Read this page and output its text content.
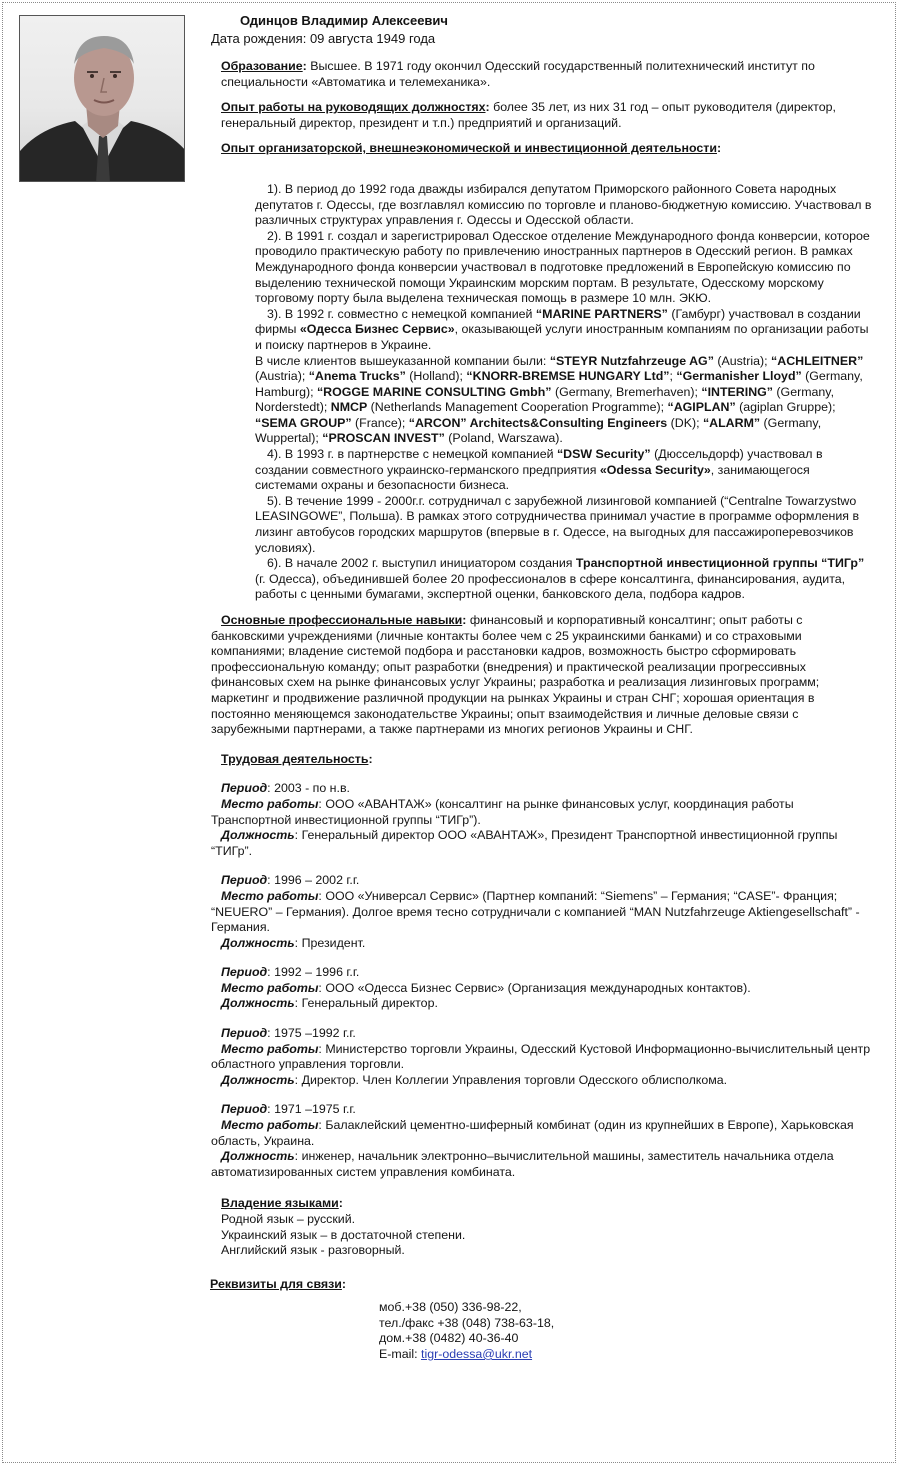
Одинцов Владимир Алексеевич

Дата рождения: 09 августа 1949 года

Образование: Высшее. В 1971 году окончил Одесский государственный политехнический институт по специальности «Автоматика и телемеханика».

Опыт работы на руководящих должностях: более 35 лет, из них 31 год – опыт руководителя (директор, генеральный директор, президент и т.п.) предприятий и организаций.

Опыт организаторской, внешнеэкономической и инвестиционной деятельности:

1). В период до 1992 года дважды избирался депутатом Приморского районного Совета народных депутатов г. Одессы, где возглавлял комиссию по торговле и планово-бюджетную комиссию. Участвовал в различных структурах управления г. Одессы и Одесской области.

2). В 1991 г. создал и зарегистрировал Одесское отделение Международного фонда конверсии, которое проводило практическую работу по привлечению иностранных партнеров в Одесский регион. В рамках Международного фонда конверсии участвовал в подготовке предложений в Европейскую комиссию по выделению технической помощи Украинским морским портам. В результате, Одесскому морскому торговому порту была выделена техническая помощь в размере 10 млн. ЭКЮ.

3). В 1992 г. совместно с немецкой компанией “MARINE PARTNERS” (Гамбург) участвовал в создании фирмы «Одесса Бизнес Сервис», оказывающей услуги иностранным компаниям по организации работы и поиску партнеров в Украине.

В числе клиентов вышеуказанной компании были: “STEYR Nutzfahrzeuge AG” (Austria); “ACHLEITNER” (Austria); “Anema Trucks” (Holland); “KNORR-BREMSE HUNGARY Ltd”; “Germanisher Lloyd” (Germany, Hamburg); “ROGGE MARINE CONSULTING Gmbh” (Germany, Bremerhaven); “INTERING” (Germany, Norderstedt); NMCP (Netherlands Management Cooperation Programme); “AGIPLAN” (agiplan Gruppe); “SEMA GROUP” (France); “ARCON” Architects&Consulting Engineers (DK); “ALARM” (Germany, Wuppertal); “PROSCAN INVEST” (Poland, Warszawa).

4). В 1993 г. в партнерстве с немецкой компанией “DSW Security” (Дюссельдорф) участвовал в создании совместного украинско-германского предприятия «Odessa Security», занимающегося системами охраны и безопасности бизнеса.

5). В течение 1999 - 2000г.г. сотрудничал с зарубежной лизинговой компанией (“Centralne Towarzystwo LEASINGOWE”, Польша). В рамках этого сотрудничества принимал участие в программе оформления в лизинг автобусов городских маршрутов (впервые в г. Одессе, на выгодных для пассажироперевозчиков условиях).

6). В начале 2002 г. выступил инициатором создания Транспортной инвестиционной группы “ТИГр” (г. Одесса), объединившей более 20 профессионалов в сфере консалтинга, финансирования, аудита, работы с ценными бумагами, экспертной оценки, банковского дела, подбора кадров.

Основные профессиональные навыки: финансовый и корпоративный консалтинг; опыт работы с банковскими учреждениями (личные контакты более чем с 25 украинскими банками) и со страховыми компаниями; владение системой подбора и расстановки кадров, возможность быстро сформировать профессиональную команду; опыт разработки (внедрения) и практической реализации прогрессивных финансовых схем на рынке финансовых услуг Украины; разработка и реализация лизинговых программ; маркетинг и продвижение различной продукции на рынках Украины и стран СНГ; хорошая ориентация в постоянно меняющемся законодательстве Украины; опыт взаимодействия и личные деловые связи с зарубежными партнерами, а также партнерами из многих регионов Украины и СНГ.

Трудовая деятельность:

Период: 2003 - по н.в.

Место работы: ООО «АВАНТАЖ» (консалтинг на рынке финансовых услуг, координация работы Транспортной инвестиционной группы “ТИГр”).

Должность: Генеральный директор ООО «АВАНТАЖ», Президент Транспортной инвестиционной группы “ТИГр”.

Период: 1996 – 2002 г.г.

Место работы: ООО «Универсал Сервис» (Партнер компаний: “Siemens” – Германия; “CASE”- Франция; “NEUERO” – Германия). Долгое время тесно сотрудничали с компанией “MAN Nutzfahrzeuge Aktiengesellschaft” - Германия.

Должность: Президент.

Период: 1992 – 1996 г.г.

Место работы: ООО «Одесса Бизнес Сервис» (Организация международных контактов).

Должность: Генеральный директор.

Период: 1975 –1992 г.г.

Место работы: Министерство торговли Украины, Одесский Кустовой Информационно-вычислительный центр областного управления торговли.

Должность: Директор. Член Коллегии Управления торговли Одесского облисполкома.

Период: 1971 –1975 г.г.

Место работы: Балаклейский цементно-шиферный комбинат (один из крупнейших в Европе), Харьковская область, Украина.

Должность: инженер, начальник электронно–вычислительной машины, заместитель начальника отдела автоматизированных систем управления комбината.

Владение языками:

Родной язык – русский.

Украинский язык – в достаточной степени.

Английский язык - разговорный.

Реквизиты для связи:

моб.+38 (050) 336-98-22,

тел./факс +38 (048) 738-63-18,

дом.+38 (0482) 40-36-40

E-mail: tigr-odessa@ukr.net
